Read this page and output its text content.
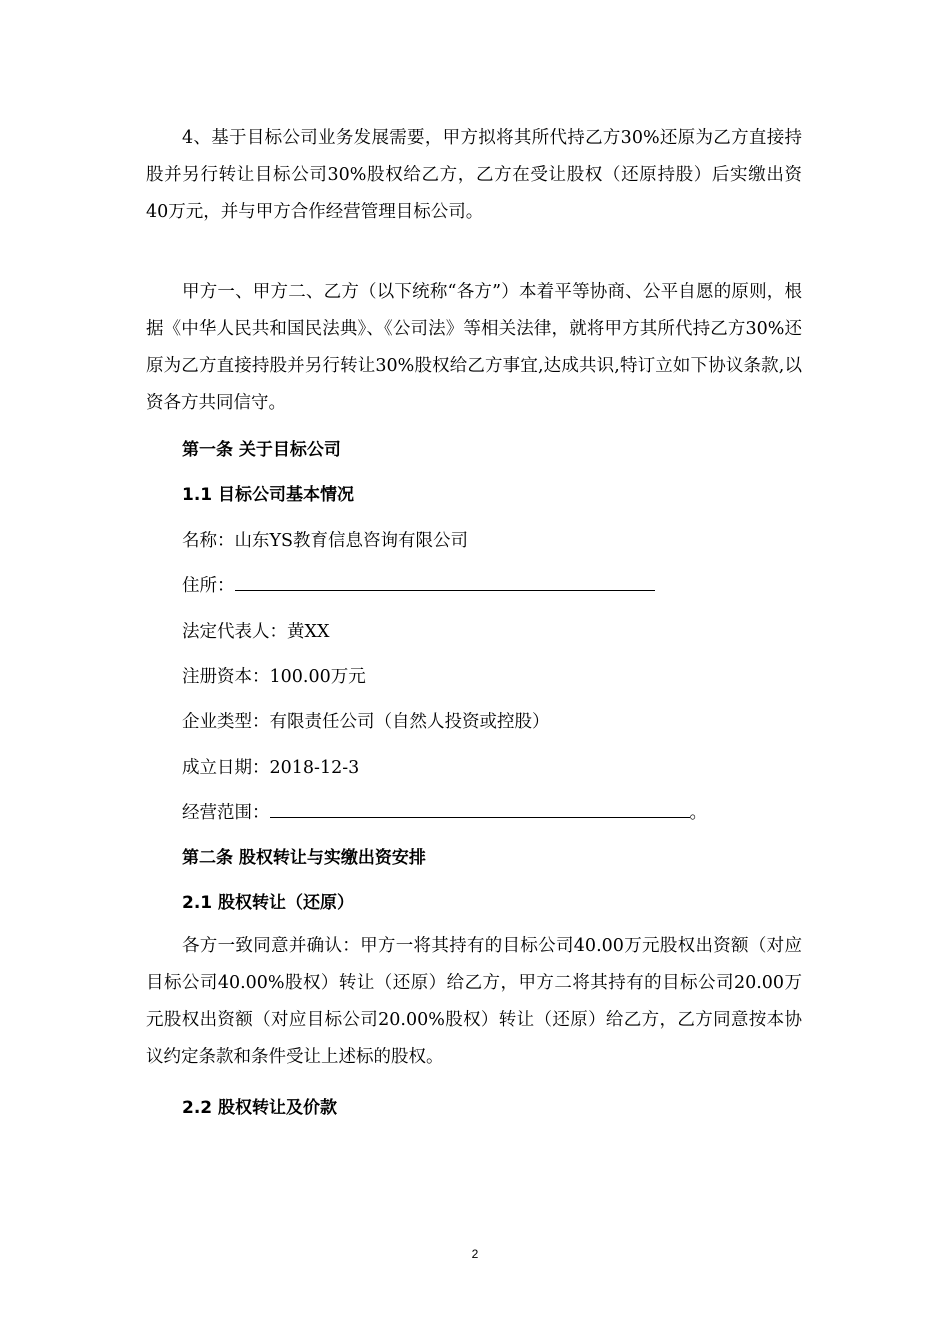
4、基于目标公司业务发展需要，甲方拟将其所代持乙方30%还原为乙方直接持股并另行转让目标公司30%股权给乙方，乙方在受让股权（还原持股）后实缴出资40万元，并与甲方合作经营管理目标公司。

甲方一、甲方二、乙方（以下统称“各方”）本着平等协商、公平自愿的原则，根据《中华人民共和国民法典》、《公司法》等相关法律，就将甲方其所代持乙方30%还原为乙方直接持股并另行转让30%股权给乙方事宜,达成共识,特订立如下协议条款,以资各方共同信守。

第一条 关于目标公司
1.1 目标公司基本情况

名称：山东YS教育信息咨询有限公司

住所：

法定代表人：黄XX

注册资本：100.00万元

企业类型：有限责任公司（自然人投资或控股）

成立日期：2018-12-3

经营范围：	。

第二条 股权转让与实缴出资安排
2.1 股权转让（还原）

各方一致同意并确认：甲方一将其持有的目标公司40.00万元股权出资额（对应目标公司40.00%股权）转让（还原）给乙方，甲方二将其持有的目标公司20.00万元股权出资额（对应目标公司20.00%股权）转让（还原）给乙方，乙方同意按本协议约定条款和条件受让上述标的股权。

2.2 股权转让及价款
2
